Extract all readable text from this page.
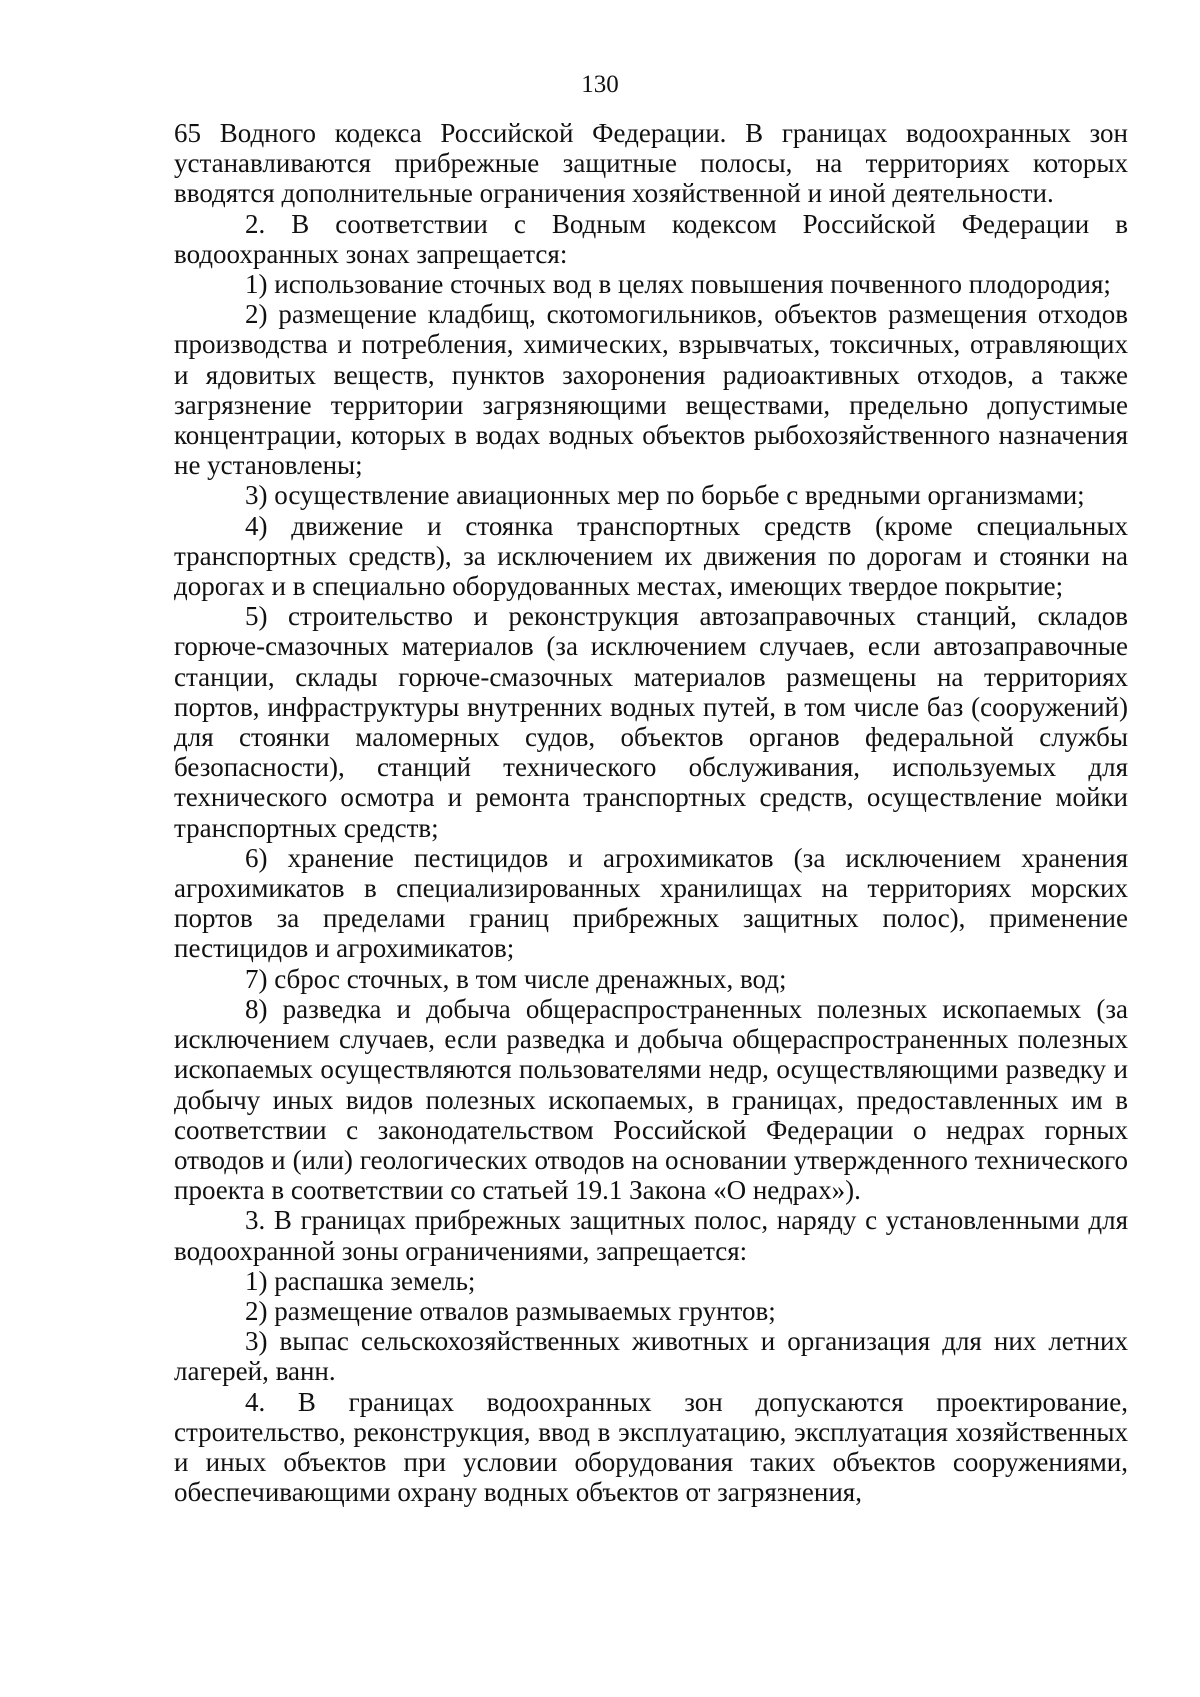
130

65 Водного кодекса Российской Федерации. В границах водоохранных зон устанавливаются прибрежные защитные полосы, на территориях которых вводятся дополнительные ограничения хозяйственной и иной деятельности.

2. В соответствии с Водным кодексом Российской Федерации в водоохранных зонах запрещается:

1) использование сточных вод в целях повышения почвенного плодородия;

2) размещение кладбищ, скотомогильников, объектов размещения отходов производства и потребления, химических, взрывчатых, токсичных, отравляющих и ядовитых веществ, пунктов захоронения радиоактивных отходов, а также загрязнение территории загрязняющими веществами, предельно допустимые концентрации, которых в водах водных объектов рыбохозяйственного назначения не установлены;

3) осуществление авиационных мер по борьбе с вредными организмами;

4) движение и стоянка транспортных средств (кроме специальных транспортных средств), за исключением их движения по дорогам и стоянки на дорогах и в специально оборудованных местах, имеющих твердое покрытие;

5) строительство и реконструкция автозаправочных станций, складов горюче-смазочных материалов (за исключением случаев, если автозаправочные станции, склады горюче-смазочных материалов размещены на территориях портов, инфраструктуры внутренних водных путей, в том числе баз (сооружений) для стоянки маломерных судов, объектов органов федеральной службы безопасности), станций технического обслуживания, используемых для технического осмотра и ремонта транспортных средств, осуществление мойки транспортных средств;

6) хранение пестицидов и агрохимикатов (за исключением хранения агрохимикатов в специализированных хранилищах на территориях морских портов за пределами границ прибрежных защитных полос), применение пестицидов и агрохимикатов;

7) сброс сточных, в том числе дренажных, вод;

8) разведка и добыча общераспространенных полезных ископаемых (за исключением случаев, если разведка и добыча общераспространенных полезных ископаемых осуществляются пользователями недр, осуществляющими разведку и добычу иных видов полезных ископаемых, в границах, предоставленных им в соответствии с законодательством Российской Федерации о недрах горных отводов и (или) геологических отводов на основании утвержденного технического проекта в соответствии со статьей 19.1 Закона «О недрах»).

3. В границах прибрежных защитных полос, наряду с установленными для водоохранной зоны ограничениями, запрещается:

1) распашка земель;

2) размещение отвалов размываемых грунтов;

3) выпас сельскохозяйственных животных и организация для них летних лагерей, ванн.

4. В границах водоохранных зон допускаются проектирование, строительство, реконструкция, ввод в эксплуатацию, эксплуатация хозяйственных и иных объектов при условии оборудования таких объектов сооружениями, обеспечивающими охрану водных объектов от загрязнения,
